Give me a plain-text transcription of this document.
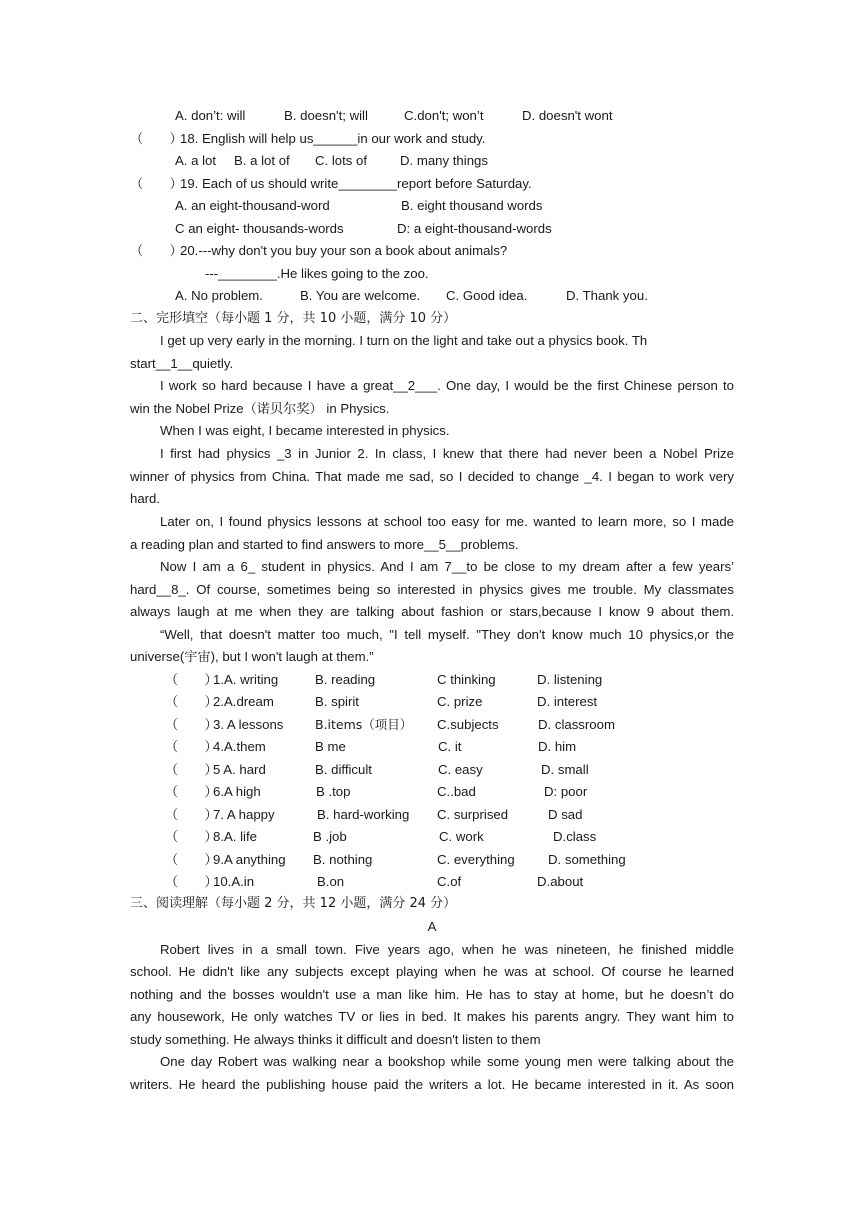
A. don’t: will	B. doesn't; will	C.don't; won’t	D. doesn't wont
（　　）
18. English will help us______in our work and study.
A. a lot B. a lot of C. lots of D. many things
（　　）
19. Each of us should write________report before Saturday.
A. an eight-thousand-word	B. eight thousand words
C an eight- thousands-words	D: a eight-thousand-words
（　　）
20.---why don't you buy your son a book about animals?
---________.He likes going to the zoo.
A. No problem.	B. You are welcome. C. Good idea.	D. Thank you.
二、完形填空（每小题 1 分，共 10 小题，满分 10 分）
I get up very early in the morning. I turn on the light and take out a physics book. Th
start__1__quietly.
I work so hard because I have a great__2___. One day, I would be the first Chinese person to
win the Nobel Prize（诺贝尔奖） in Physics.
When I was eight, I became interested in physics.
I first had physics _3 in Junior 2. In class, I knew that there had never been a Nobel Prize
winner of physics from China. That made me sad, so I decided to change _4. I began to work very
hard.
Later on, I found physics lessons at school too easy for me. wanted to learn more, so I made
a reading plan and started to find answers to more__5__problems.
Now I am a 6_ student in physics. And I am 7__to be close to my dream after a few years’
hard__8_. Of course, sometimes being so interested in physics gives me trouble. My classmates
always laugh at me when they are talking about fashion or stars,because I know 9 about them.
“Well, that doesn't matter too much, "I tell myself. "They don't know much 10 physics,or the
universe(宇宙), but I won't laugh at them.”
（　　）
1.A. writing	B. reading	C thinking	D. listening
（　　）
2.A.dream	B. spirit	C. prize	D. interest
（　　）
3. A lessons	B.items（项目） C.subjects	D. classroom
（　　）
4.A.them	B me	C. it	D. him
（　　）
5 A. hard	B. difficult	C. easy	D. small
（　　）
6.A high	B .top	C..bad	D: poor
（　　）
7. A happy	B. hard-working C. surprised	D sad
（　　）
8.A. life	B .job	C. work	D.class
（　　）
9.A anything B. nothing	C. everything	D. something
（　　）
10.A.in	B.on	C.of	D.about
三、阅读理解（每小题 2 分，共 12 小题，满分 24 分）
A
Robert lives in a small town. Five years ago, when he was nineteen, he finished middle
school. He didn't like any subjects except playing when he was at school. Of course he learned
nothing and the bosses wouldn't use a man like him. He has to stay at home, but he doesn’t do
any housework, He only watches TV or lies in bed. It makes his parents angry. They want him to
study something. He always thinks it difficult and doesn't listen to them
One day Robert was walking near a bookshop while some young men were talking about the
writers. He heard the publishing house paid the writers a lot. He became interested in it. As soon
